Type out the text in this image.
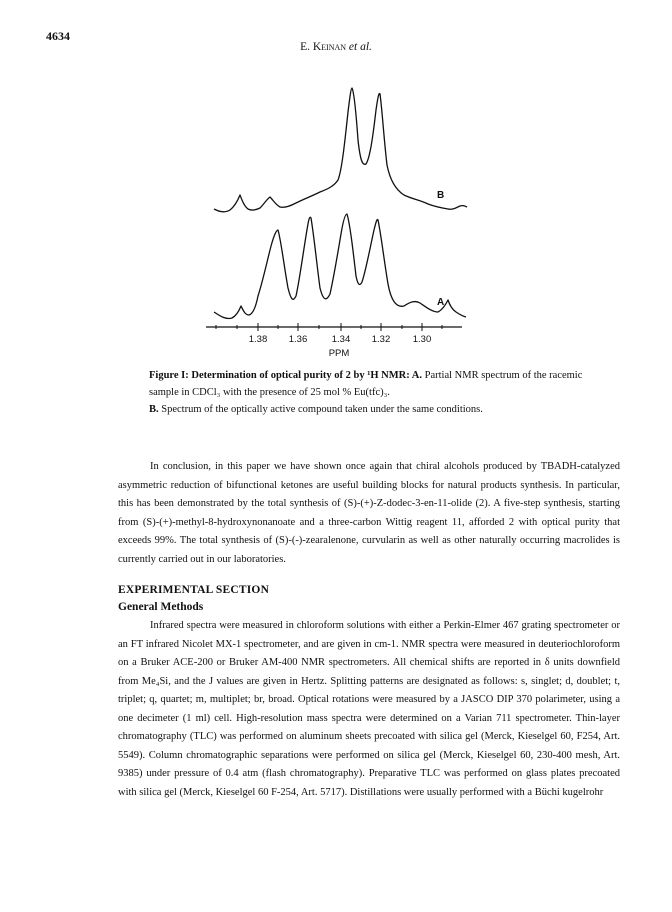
4634
E. Keinan et al.
B
A
1.38 1.36	1.34 1.32 1.30
PPM
Figure I: Determination of optical purity of 2 by ¹H NMR: A. Partial NMR spectrum of the racemic sample in CDCl₃ with the presence of 25 mol % Eu(tfc)₃.
B. Spectrum of the optically active compound taken under the same conditions.
In conclusion, in this paper we have shown once again that chiral alcohols produced by TBADH-catalyzed asymmetric reduction of bifunctional ketones are useful building blocks for natural products synthesis. In particular, this has been demonstrated by the total synthesis of (S)-(+)-Z-dodec-3-en-11-olide (2). A five-step synthesis, starting from (S)-(+)-methyl-8-hydroxynonanoate and a three-carbon Wittig reagent 11, afforded 2 with optical purity that exceeds 99%. The total synthesis of (S)-(-)-zearalenone, curvularin as well as other naturally occurring macrolides is currently carried out in our laboratories.
EXPERIMENTAL SECTION
General Methods
Infrared spectra were measured in chloroform solutions with either a Perkin-Elmer 467 grating spectrometer or an FT infrared Nicolet MX-1 spectrometer, and are given in cm-1. NMR spectra were measured in deuteriochloroform on a Bruker ACE-200 or Bruker AM-400 NMR spectrometers. All chemical shifts are reported in δ units downfield from Me₄Si, and the J values are given in Hertz. Splitting patterns are designated as follows: s, singlet; d, doublet; t, triplet; q, quartet; m, multiplet; br, broad. Optical rotations were measured by a JASCO DIP 370 polarimeter, using a one decimeter (1 ml) cell. High-resolution mass spectra were determined on a Varian 711 spectrometer. Thin-layer chromatography (TLC) was performed on aluminum sheets precoated with silica gel (Merck, Kieselgel 60, F254, Art. 5549). Column chromatographic separations were performed on silica gel (Merck, Kieselgel 60, 230-400 mesh, Art. 9385) under pressure of 0.4 atm (flash chromatography). Preparative TLC was performed on glass plates precoated with silica gel (Merck, Kieselgel 60 F-254, Art. 5717). Distillations were usually performed with a Büchi kugelrohr
